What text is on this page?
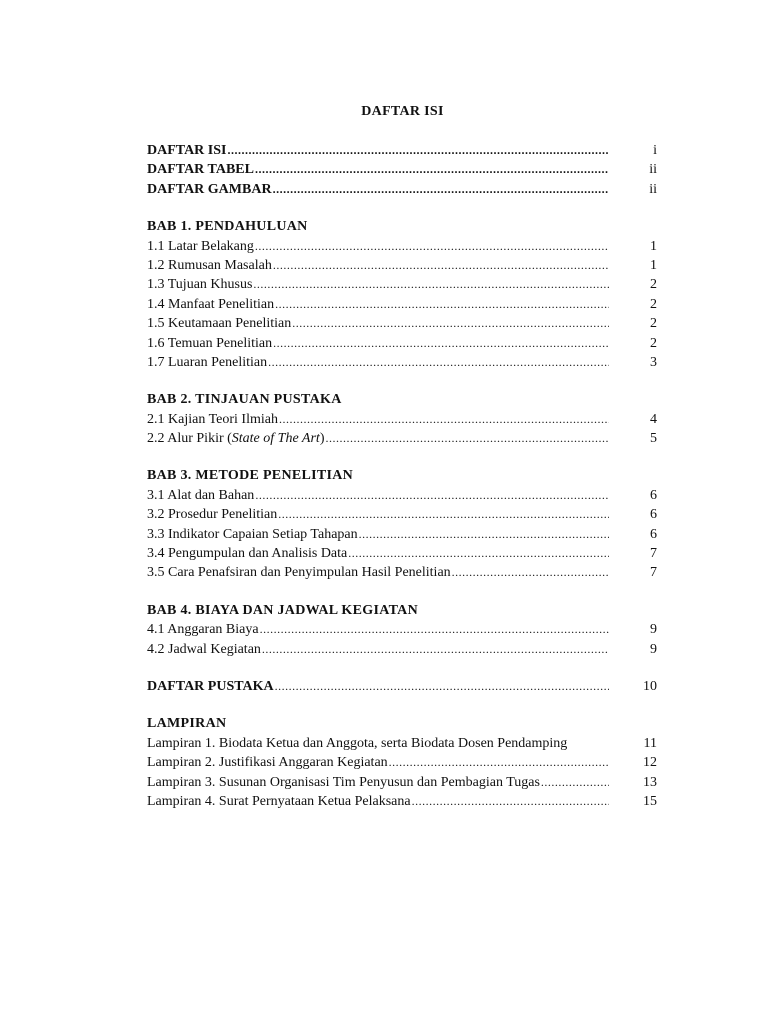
DAFTAR ISI
DAFTAR ISI .....	i
DAFTAR TABEL .....	ii
DAFTAR GAMBAR .....	ii
BAB 1. PENDAHULUAN
1.1 Latar Belakang .....	1
1.2 Rumusan Masalah .....	1
1.3 Tujuan Khusus .....	2
1.4 Manfaat Penelitian .....	2
1.5 Keutamaan Penelitian .....	2
1.6 Temuan Penelitian .....	2
1.7 Luaran Penelitian .....	3
BAB 2. TINJAUAN PUSTAKA
2.1 Kajian Teori Ilmiah .....	4
2.2 Alur Pikir (State of The Art) .....	5
BAB 3. METODE PENELITIAN
3.1 Alat dan Bahan .....	6
3.2 Prosedur Penelitian .....	6
3.3 Indikator Capaian Setiap Tahapan .....	6
3.4 Pengumpulan dan Analisis Data .....	7
3.5 Cara Penafsiran dan Penyimpulan Hasil Penelitian .....	7
BAB 4. BIAYA DAN JADWAL KEGIATAN
4.1 Anggaran Biaya .....	9
4.2 Jadwal Kegiatan .....	9
DAFTAR PUSTAKA .....	10
LAMPIRAN
Lampiran 1. Biodata Ketua dan Anggota, serta Biodata Dosen Pendamping	11
Lampiran 2. Justifikasi Anggaran Kegiatan .....	12
Lampiran 3. Susunan Organisasi Tim Penyusun dan Pembagian Tugas .....	13
Lampiran 4. Surat Pernyataan Ketua Pelaksana .....	15
